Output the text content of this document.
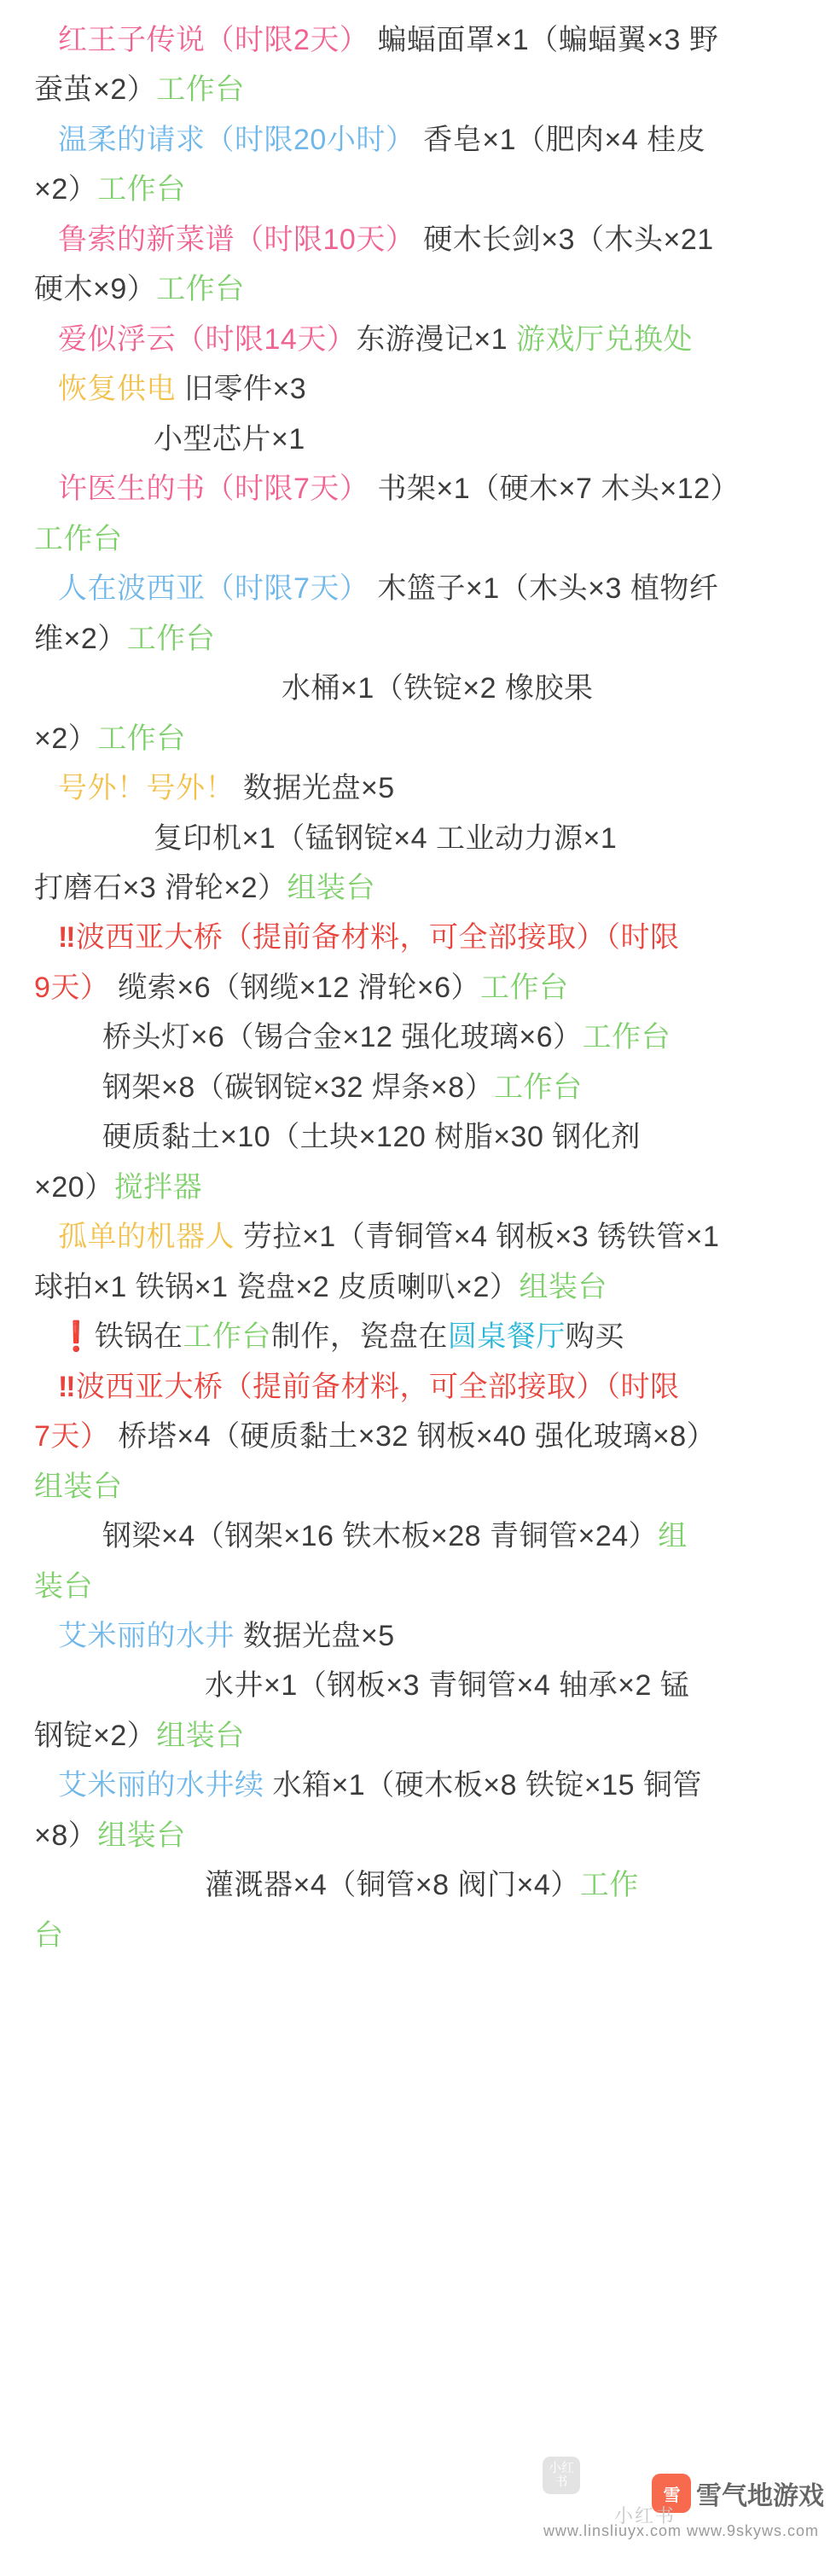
红王子传说（时限2天） 蝙蝠面罩×1（蝙蝠翼×3 野
蚕茧×2）工作台
温柔的请求（时限20小时） 香皂×1（肥肉×4 桂皮
×2）工作台
鲁索的新菜谱（时限10天） 硬木长剑×3（木头×21
硬木×9）工作台
爱似浮云（时限14天）东游漫记×1 游戏厅兑换处
恢复供电 旧零件×3
小型芯片×1
许医生的书（时限7天） 书架×1（硬木×7 木头×12）
工作台
人在波西亚（时限7天） 木篮子×1（木头×3 植物纤
维×2）工作台
水桶×1（铁锭×2 橡胶果
×2）工作台
号外！号外！ 数据光盘×5
复印机×1（锰钢锭×4 工业动力源×1
打磨石×3 滑轮×2）组装台
‼波西亚大桥（提前备材料，可全部接取）（时限
9天） 缆索×6（钢缆×12 滑轮×6）工作台
桥头灯×6（锡合金×12 强化玻璃×6）工作台
钢架×8（碳钢锭×32 焊条×8）工作台
硬质黏土×10（土块×120 树脂×30 钢化剂
×20）搅拌器
孤单的机器人 劳拉×1（青铜管×4 钢板×3 锈铁管×1
球拍×1 铁锅×1 瓷盘×2 皮质喇叭×2）组装台
❗铁锅在工作台制作，瓷盘在圆桌餐厅购买
‼波西亚大桥（提前备材料，可全部接取）（时限
7天） 桥塔×4（硬质黏土×32 钢板×40 强化玻璃×8）
组装台
钢梁×4（钢架×16 铁木板×28 青铜管×24）组
装台
艾米丽的水井 数据光盘×5
水井×1（钢板×3 青铜管×4 轴承×2 锰
钢锭×2）组装台
艾米丽的水井续 水箱×1（硬木板×8 铁锭×15 铜管
×8）组装台
灌溉器×4（铜管×8 阀门×4）工作
台
雪 雪气地游戏
www.linsliuyx.com www.9skyws.com
小红书
小红书
